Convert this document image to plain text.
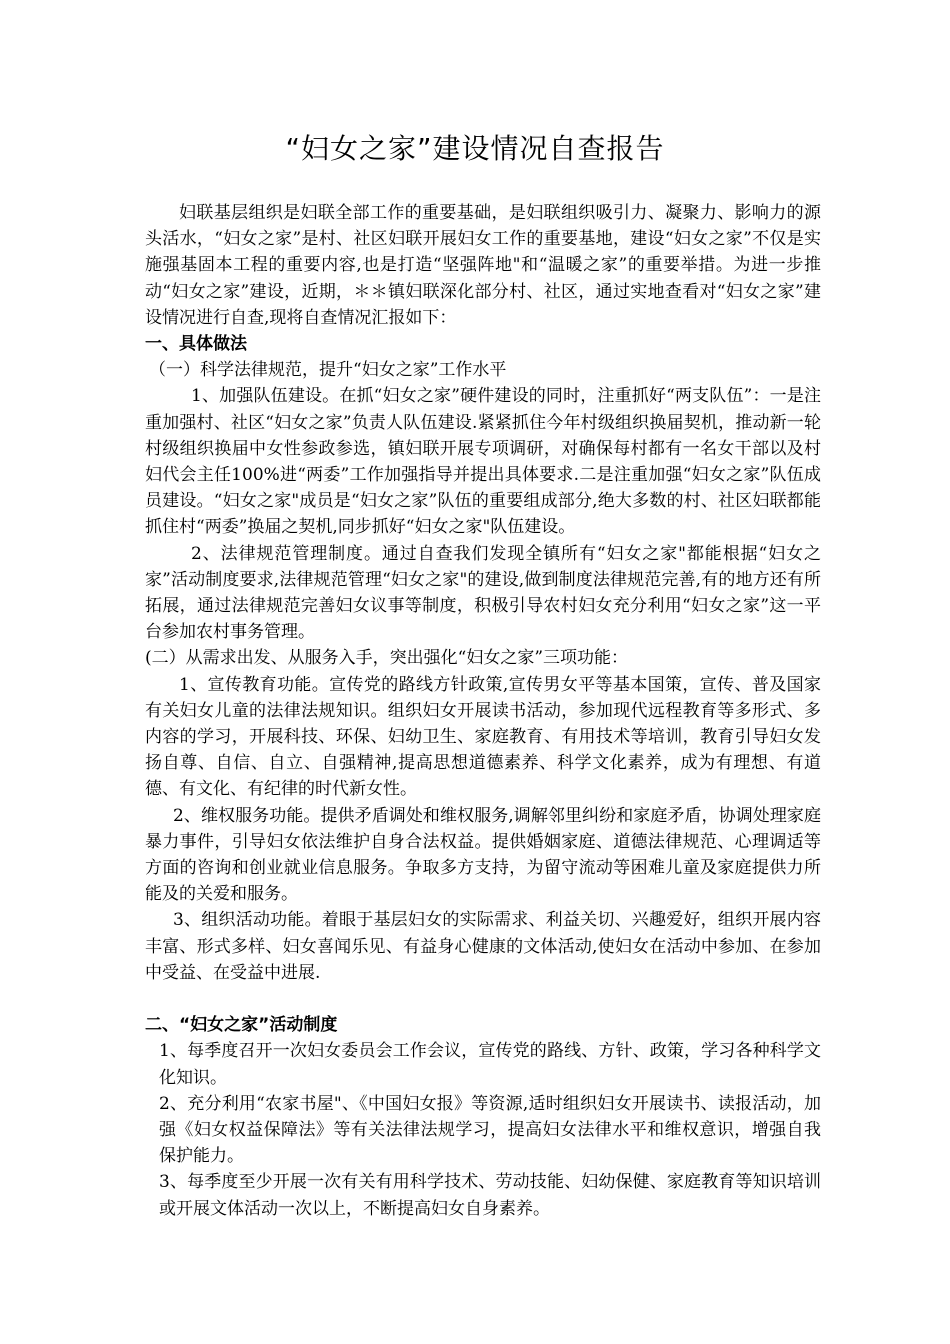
“妇女之家”建设情况自查报告

妇联基层组织是妇联全部工作的重要基础，是妇联组织吸引力、凝聚力、影响力的源头活水，“妇女之家”是村、社区妇联开展妇女工作的重要基地，建设“妇女之家”不仅是实施强基固本工程的重要内容,也是打造“坚强阵地"和“温暖之家”的重要举措。为进一步推动“妇女之家”建设，近期，＊＊镇妇联深化部分村、社区，通过实地查看对“妇女之家”建设情况进行自查,现将自查情况汇报如下：

一、具体做法

（一）科学法律规范，提升“妇女之家”工作水平

1、加强队伍建设。在抓“妇女之家”硬件建设的同时，注重抓好“两支队伍”：一是注重加强村、社区“妇女之家”负责人队伍建设.紧紧抓住今年村级组织换届契机，推动新一轮村级组织换届中女性参政参选，镇妇联开展专项调研，对确保每村都有一名女干部以及村妇代会主任100%进“两委”工作加强指导并提出具体要求.二是注重加强“妇女之家”队伍成员建设。“妇女之家"成员是“妇女之家”队伍的重要组成部分,绝大多数的村、社区妇联都能抓住村“两委”换届之契机,同步抓好“妇女之家"队伍建设。

2、法律规范管理制度。通过自查我们发现全镇所有“妇女之家"都能根据“妇女之家”活动制度要求,法律规范管理“妇女之家"的建设,做到制度法律规范完善,有的地方还有所拓展，通过法律规范完善妇女议事等制度，积极引导农村妇女充分利用“妇女之家”这一平台参加农村事务管理。

(二）从需求出发、从服务入手，突出强化“妇女之家”三项功能：

1、宣传教育功能。宣传党的路线方针政策,宣传男女平等基本国策，宣传、普及国家有关妇女儿童的法律法规知识。组织妇女开展读书活动，参加现代远程教育等多形式、多内容的学习，开展科技、环保、妇幼卫生、家庭教育、有用技术等培训，教育引导妇女发扬自尊、自信、自立、自强精神,提高思想道德素养、科学文化素养，成为有理想、有道德、有文化、有纪律的时代新女性。

2、维权服务功能。提供矛盾调处和维权服务,调解邻里纠纷和家庭矛盾，协调处理家庭暴力事件，引导妇女依法维护自身合法权益。提供婚姻家庭、道德法律规范、心理调适等方面的咨询和创业就业信息服务。争取多方支持，为留守流动等困难儿童及家庭提供力所能及的关爱和服务。

3、组织活动功能。着眼于基层妇女的实际需求、利益关切、兴趣爱好，组织开展内容丰富、形式多样、妇女喜闻乐见、有益身心健康的文体活动,使妇女在活动中参加、在参加中受益、在受益中进展.

二、“妇女之家”活动制度

1、每季度召开一次妇女委员会工作会议，宣传党的路线、方针、政策，学习各种科学文化知识。

2、充分利用“农家书屋"、《中国妇女报》等资源,适时组织妇女开展读书、读报活动，加强《妇女权益保障法》等有关法律法规学习，提高妇女法律水平和维权意识，增强自我保护能力。

3、每季度至少开展一次有关有用科学技术、劳动技能、妇幼保健、家庭教育等知识培训或开展文体活动一次以上，不断提高妇女自身素养。
